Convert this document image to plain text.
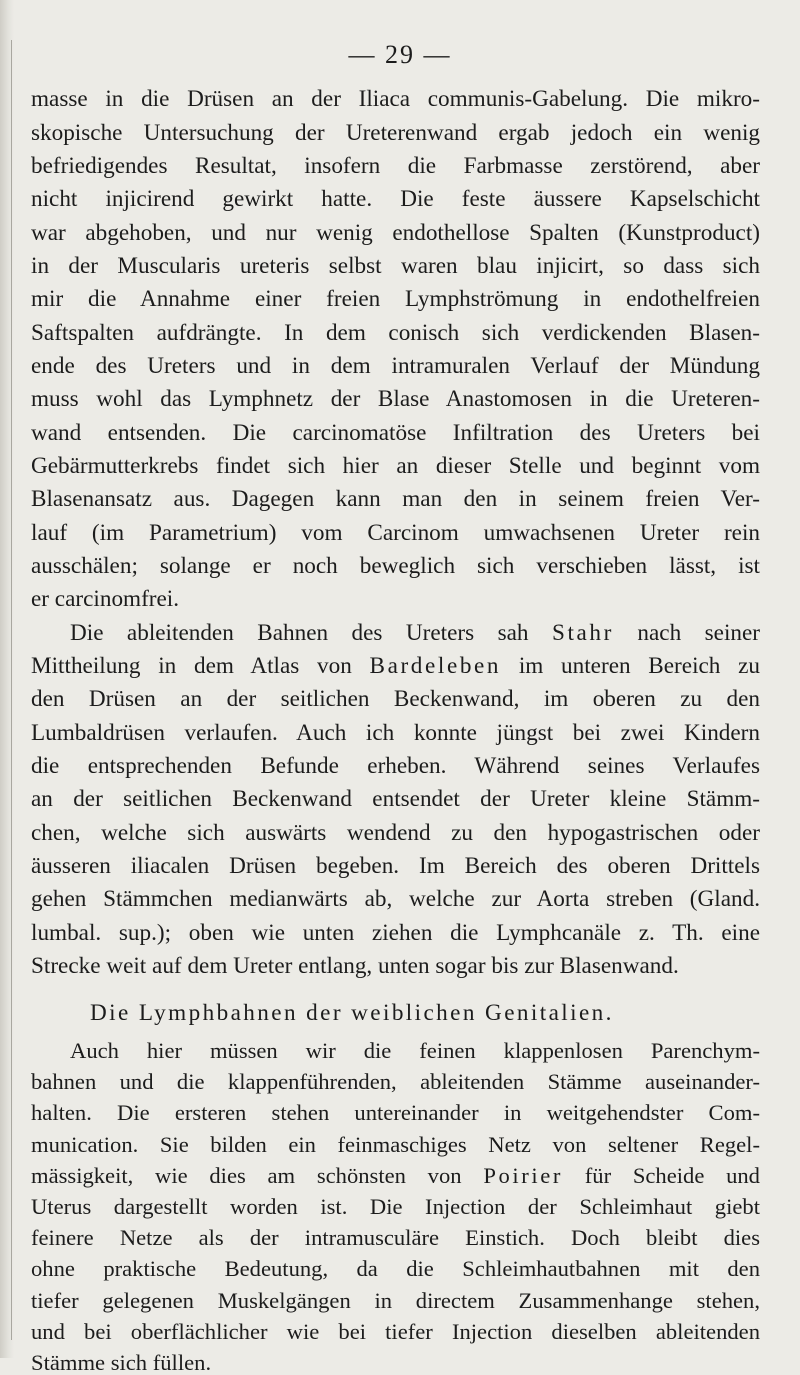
— 29 —
masse in die Drüsen an der Iliaca communis-Gabelung. Die mikro-
skopische Untersuchung der Ureterenwand ergab jedoch ein wenig
befriedigendes Resultat, insofern die Farbmasse zerstörend, aber
nicht injicirend gewirkt hatte. Die feste äussere Kapselschicht
war abgehoben, und nur wenig endothellose Spalten (Kunstproduct)
in der Muscularis ureteris selbst waren blau injicirt, so dass sich
mir die Annahme einer freien Lymphströmung in endothelfreien
Saftspalten aufdrängte. In dem conisch sich verdickenden Blasen-
ende des Ureters und in dem intramuralen Verlauf der Mündung
muss wohl das Lymphnetz der Blase Anastomosen in die Ureteren-
wand entsenden. Die carcinomatöse Infiltration des Ureters bei
Gebärmutterkrebs findet sich hier an dieser Stelle und beginnt vom
Blasenansatz aus. Dagegen kann man den in seinem freien Ver-
lauf (im Parametrium) vom Carcinom umwachsenen Ureter rein
ausschälen; solange er noch beweglich sich verschieben lässt, ist
er carcinomfrei.
Die ableitenden Bahnen des Ureters sah Stahr nach seiner
Mittheilung in dem Atlas von Bardeleben im unteren Bereich zu
den Drüsen an der seitlichen Beckenwand, im oberen zu den
Lumbaldrüsen verlaufen. Auch ich konnte jüngst bei zwei Kindern
die entsprechenden Befunde erheben. Während seines Verlaufes
an der seitlichen Beckenwand entsendet der Ureter kleine Stämm-
chen, welche sich auswärts wendend zu den hypogastrischen oder
äusseren iliacalen Drüsen begeben. Im Bereich des oberen Drittels
gehen Stämmchen medianwärts ab, welche zur Aorta streben (Gland.
lumbal. sup.); oben wie unten ziehen die Lymphcanäle z. Th. eine
Strecke weit auf dem Ureter entlang, unten sogar bis zur Blasenwand.
Die Lymphbahnen der weiblichen Genitalien.
Auch hier müssen wir die feinen klappenlosen Parenchym-
bahnen und die klappenführenden, ableitenden Stämme auseinander-
halten. Die ersteren stehen untereinander in weitgehendster Com-
munication. Sie bilden ein feinmaschiges Netz von seltener Regel-
mässigkeit, wie dies am schönsten von Poirier für Scheide und
Uterus dargestellt worden ist. Die Injection der Schleimhaut giebt
feinere Netze als der intramusculäre Einstich. Doch bleibt dies
ohne praktische Bedeutung, da die Schleimhautbahnen mit den
tiefer gelegenen Muskelgängen in directem Zusammenhange stehen,
und bei oberflächlicher wie bei tiefer Injection dieselben ableitenden
Stämme sich füllen.
